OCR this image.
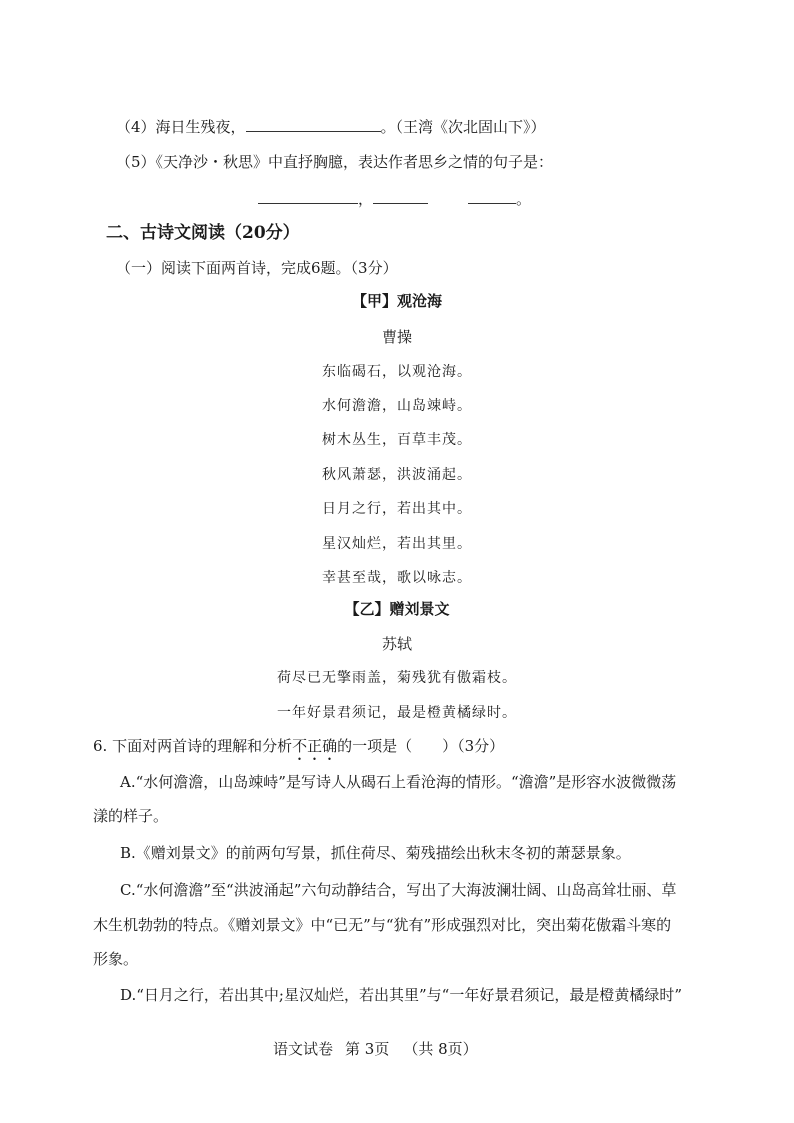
（4）海日生残夜，	。（王湾《次北固山下》）
（5）《天净沙・秋思》中直抒胸臆，表达作者思乡之情的句子是：
，	。
二、古诗文阅读（20分）
（一）阅读下面两首诗，完成6题。（3分）
【甲】观沧海
曹操
东临碣石，以观沧海。
水何澹澹，山岛竦峙。
树木丛生，百草丰茂。
秋风萧瑟，洪波涌起。
日月之行，若出其中。
星汉灿烂，若出其里。
幸甚至哉，歌以咏志。
【乙】赠刘景文
苏轼
荷尽已无擎雨盖，菊残犹有傲霜枝。
一年好景君须记，最是橙黄橘绿时。
6. 下面对两首诗的理解和分析不正确的一项是（　　）（3分）
A.“水何澹澹，山岛竦峙”是写诗人从碣石上看沧海的情形。“澹澹”是形容水波微微荡
漾的样子。
B.《赠刘景文》的前两句写景，抓住荷尽、菊残描绘出秋末冬初的萧瑟景象。
C.“水何澹澹”至“洪波涌起”六句动静结合，写出了大海波澜壮阔、山岛高耸壮丽、草
木生机勃勃的特点。《赠刘景文》中“已无”与“犹有”形成强烈对比，突出菊花傲霜斗寒的
形象。
D.“日月之行，若出其中;星汉灿烂，若出其里”与“一年好景君须记，最是橙黄橘绿时”
语文试卷 第 3页 （共 8页）
